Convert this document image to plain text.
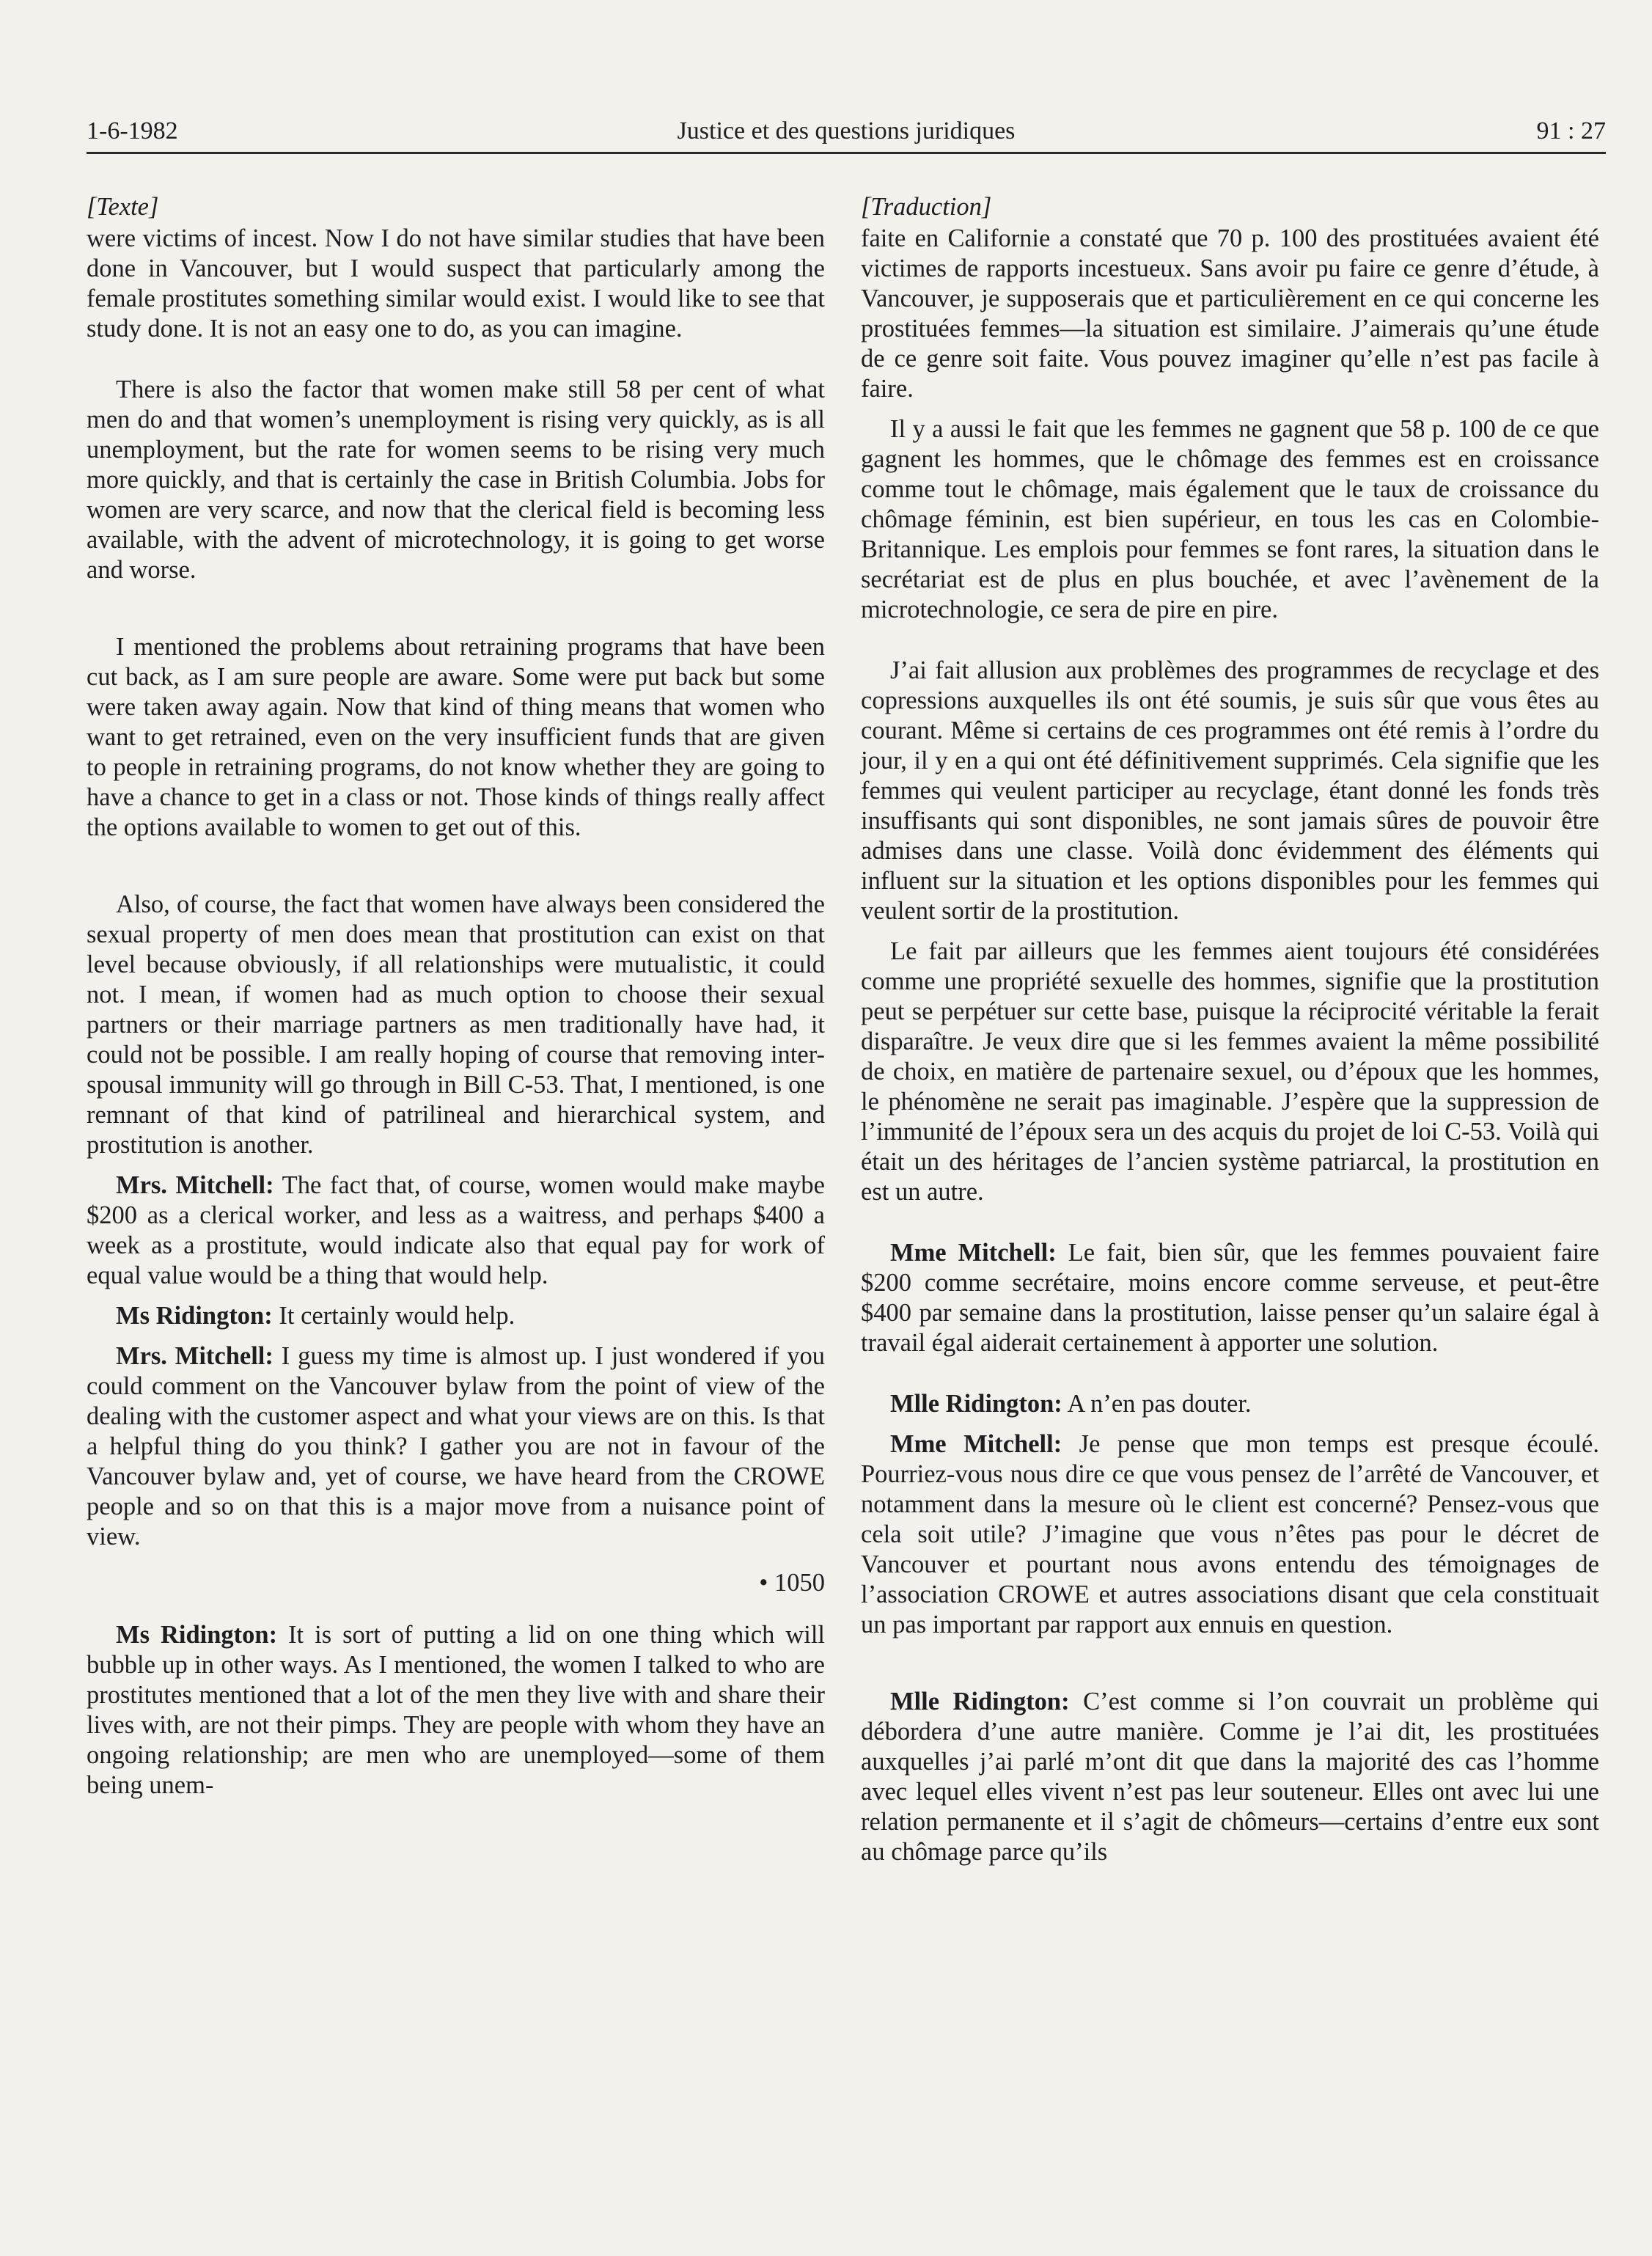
1-6-1982	Justice et des questions juridiques	91 : 27
[Texte]

were victims of incest. Now I do not have similar studies that have been done in Vancouver, but I would suspect that particularly among the female prostitutes something similar would exist. I would like to see that study done. It is not an easy one to do, as you can imagine.

There is also the factor that women make still 58 per cent of what men do and that women’s unemployment is rising very quickly, as is all unemployment, but the rate for women seems to be rising very much more quickly, and that is certainly the case in British Columbia. Jobs for women are very scarce, and now that the clerical field is becoming less available, with the advent of microtechnology, it is going to get worse and worse.

I mentioned the problems about retraining programs that have been cut back, as I am sure people are aware. Some were put back but some were taken away again. Now that kind of thing means that women who want to get retrained, even on the very insufficient funds that are given to people in retraining programs, do not know whether they are going to have a chance to get in a class or not. Those kinds of things really affect the options available to women to get out of this.

Also, of course, the fact that women have always been considered the sexual property of men does mean that prostitution can exist on that level because obviously, if all relationships were mutualistic, it could not. I mean, if women had as much option to choose their sexual partners or their marriage partners as men traditionally have had, it could not be possible. I am really hoping of course that removing inter-spousal immunity will go through in Bill C-53. That, I mentioned, is one remnant of that kind of patrilineal and hierarchical system, and prostitution is another.

Mrs. Mitchell: The fact that, of course, women would make maybe $200 as a clerical worker, and less as a waitress, and perhaps $400 a week as a prostitute, would indicate also that equal pay for work of equal value would be a thing that would help.

Ms Ridington: It certainly would help.

Mrs. Mitchell: I guess my time is almost up. I just wondered if you could comment on the Vancouver bylaw from the point of view of the dealing with the customer aspect and what your views are on this. Is that a helpful thing do you think? I gather you are not in favour of the Vancouver bylaw and, yet of course, we have heard from the CROWE people and so on that this is a major move from a nuisance point of view.

• 1050

Ms Ridington: It is sort of putting a lid on one thing which will bubble up in other ways. As I mentioned, the women I talked to who are prostitutes mentioned that a lot of the men they live with and share their lives with, are not their pimps. They are people with whom they have an ongoing relationship; are men who are unemployed—some of them being unem-

[Traduction]

faite en Californie a constaté que 70 p. 100 des prostituées avaient été victimes de rapports incestueux. Sans avoir pu faire ce genre d’étude, à Vancouver, je supposerais que et particulièrement en ce qui concerne les prostituées femmes—la situation est similaire. J’aimerais qu’une étude de ce genre soit faite. Vous pouvez imaginer qu’elle n’est pas facile à faire.

Il y a aussi le fait que les femmes ne gagnent que 58 p. 100 de ce que gagnent les hommes, que le chômage des femmes est en croissance comme tout le chômage, mais également que le taux de croissance du chômage féminin, est bien supérieur, en tous les cas en Colombie-Britannique. Les emplois pour femmes se font rares, la situation dans le secrétariat est de plus en plus bouchée, et avec l’avènement de la microtechnologie, ce sera de pire en pire.

J’ai fait allusion aux problèmes des programmes de recyclage et des copressions auxquelles ils ont été soumis, je suis sûr que vous êtes au courant. Même si certains de ces programmes ont été remis à l’ordre du jour, il y en a qui ont été définitivement supprimés. Cela signifie que les femmes qui veulent participer au recyclage, étant donné les fonds très insuffisants qui sont disponibles, ne sont jamais sûres de pouvoir être admises dans une classe. Voilà donc évidemment des éléments qui influent sur la situation et les options disponibles pour les femmes qui veulent sortir de la prostitution.

Le fait par ailleurs que les femmes aient toujours été considérées comme une propriété sexuelle des hommes, signifie que la prostitution peut se perpétuer sur cette base, puisque la réciprocité véritable la ferait disparaître. Je veux dire que si les femmes avaient la même possibilité de choix, en matière de partenaire sexuel, ou d’époux que les hommes, le phénomène ne serait pas imaginable. J’espère que la suppression de l’immunité de l’époux sera un des acquis du projet de loi C-53. Voilà qui était un des héritages de l’ancien système patriarcal, la prostitution en est un autre.

Mme Mitchell: Le fait, bien sûr, que les femmes pouvaient faire $200 comme secrétaire, moins encore comme serveuse, et peut-être $400 par semaine dans la prostitution, laisse penser qu’un salaire égal à travail égal aiderait certainement à apporter une solution.

Mlle Ridington: A n’en pas douter.

Mme Mitchell: Je pense que mon temps est presque écoulé. Pourriez-vous nous dire ce que vous pensez de l’arrêté de Vancouver, et notamment dans la mesure où le client est concerné? Pensez-vous que cela soit utile? J’imagine que vous n’êtes pas pour le décret de Vancouver et pourtant nous avons entendu des témoignages de l’association CROWE et autres associations disant que cela constituait un pas important par rapport aux ennuis en question.

Mlle Ridington: C’est comme si l’on couvrait un problème qui débordera d’une autre manière. Comme je l’ai dit, les prostituées auxquelles j’ai parlé m’ont dit que dans la majorité des cas l’homme avec lequel elles vivent n’est pas leur souteneur. Elles ont avec lui une relation permanente et il s’agit de chômeurs—certains d’entre eux sont au chômage parce qu’ils
